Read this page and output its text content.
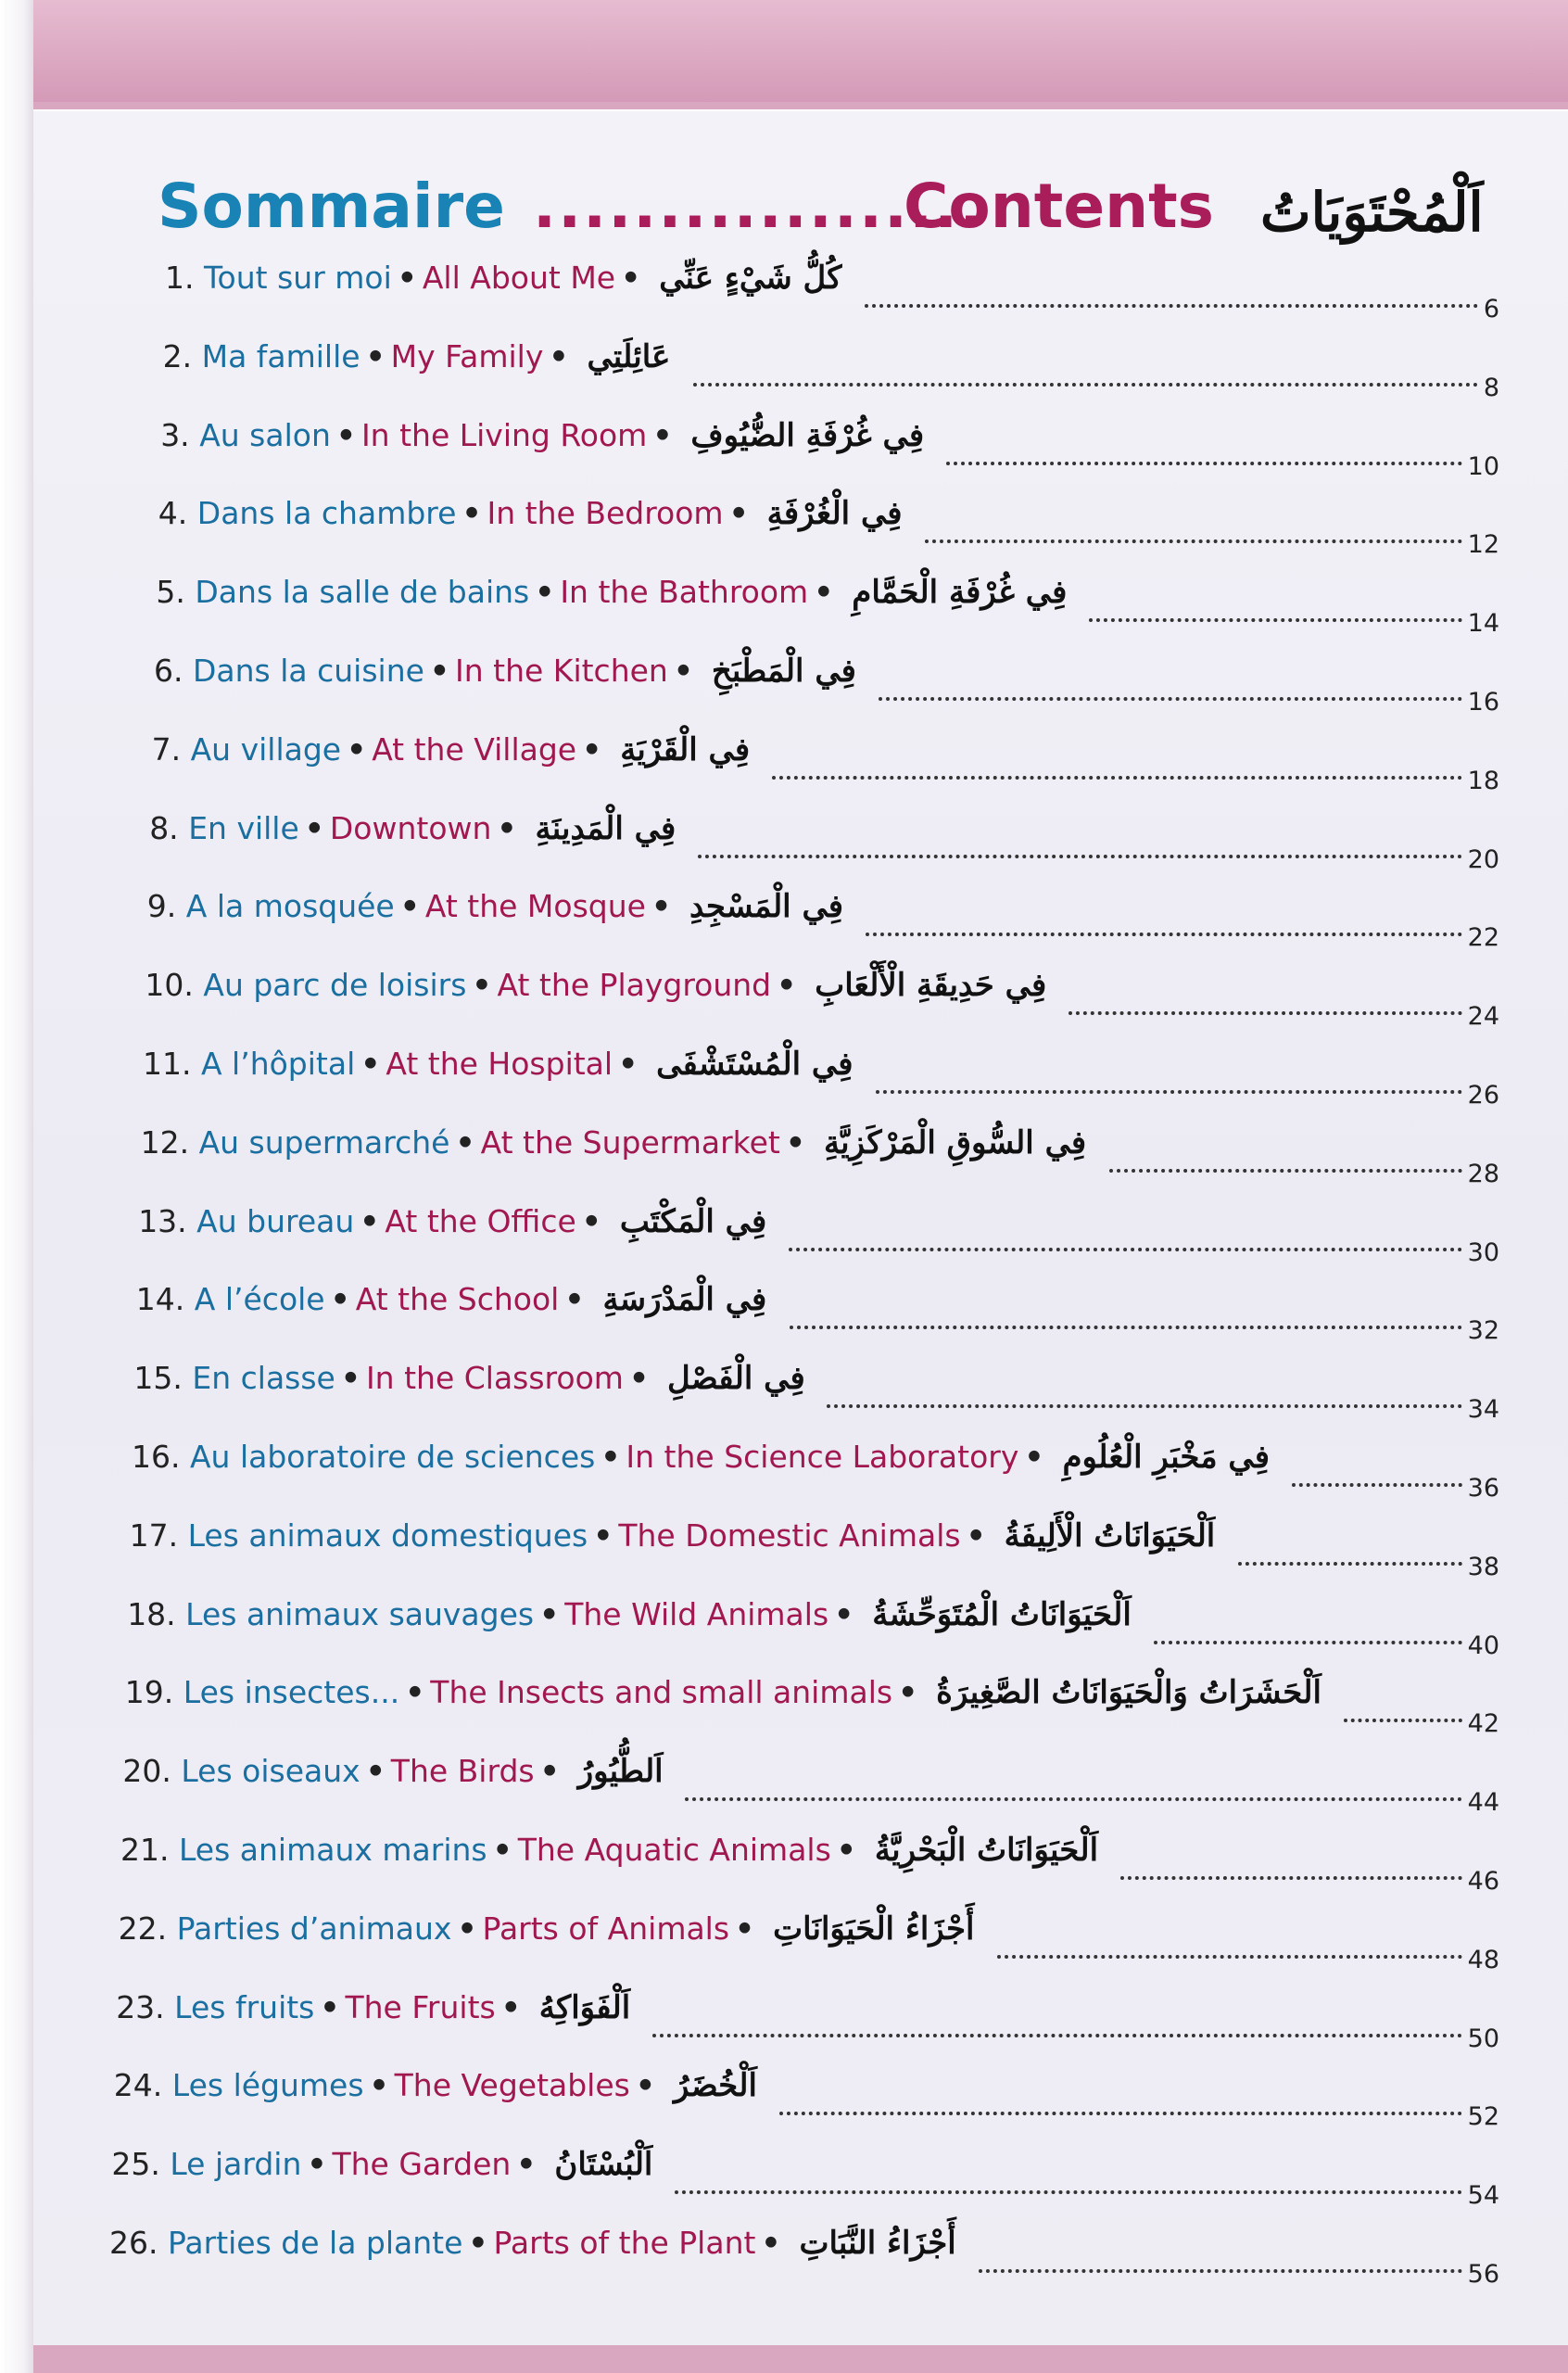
Sommaire ..................
Contents اَلْمُحْتَوَيَاتُ
1. Tout sur moi • All About Me • كُلُّ شَيْءٍ عَنِّي
6
2. Ma famille • My Family • عَائِلَتِي
8
3. Au salon • In the Living Room • فِي غُرْفَةِ الضُّيُوفِ
10
4. Dans la chambre • In the Bedroom • فِي الْغُرْفَةِ
12
5. Dans la salle de bains • In the Bathroom • فِي غُرْفَةِ الْحَمَّامِ
14
6. Dans la cuisine • In the Kitchen • فِي الْمَطْبَخِ
16
7. Au village • At the Village • فِي الْقَرْيَةِ
18
8. En ville • Downtown • فِي الْمَدِينَةِ
20
9. A la mosquée • At the Mosque • فِي الْمَسْجِدِ
22
10. Au parc de loisirs • At the Playground • فِي حَدِيقَةِ الْأَلْعَابِ
24
11. A l’hôpital • At the Hospital • فِي الْمُسْتَشْفَى
26
12. Au supermarché • At the Supermarket • فِي السُّوقِ الْمَرْكَزِيَّةِ
28
13. Au bureau • At the Office • فِي الْمَكْتَبِ
30
14. A l’école • At the School • فِي الْمَدْرَسَةِ
32
15. En classe • In the Classroom • فِي الْفَصْلِ
34
16. Au laboratoire de sciences • In the Science Laboratory • فِي مَخْبَرِ الْعُلُومِ
36
17. Les animaux domestiques • The Domestic Animals • اَلْحَيَوَانَاتُ الْأَلِيفَةُ
38
18. Les animaux sauvages • The Wild Animals • اَلْحَيَوَانَاتُ الْمُتَوَحِّشَةُ
40
19. Les insectes... • The Insects and small animals • اَلْحَشَرَاتُ وَالْحَيَوَانَاتُ الصَّغِيرَةُ
42
20. Les oiseaux • The Birds • اَلطُّيُورُ
44
21. Les animaux marins • The Aquatic Animals • اَلْحَيَوَانَاتُ الْبَحْرِيَّةُ
46
22. Parties d’animaux • Parts of Animals • أَجْزَاءُ الْحَيَوَانَاتِ
48
23. Les fruits • The Fruits • اَلْفَوَاكِهُ
50
24. Les légumes • The Vegetables • اَلْخُضَرُ
52
25. Le jardin • The Garden • اَلْبُسْتَانُ
54
26. Parties de la plante • Parts of the Plant • أَجْزَاءُ النَّبَاتِ
56
